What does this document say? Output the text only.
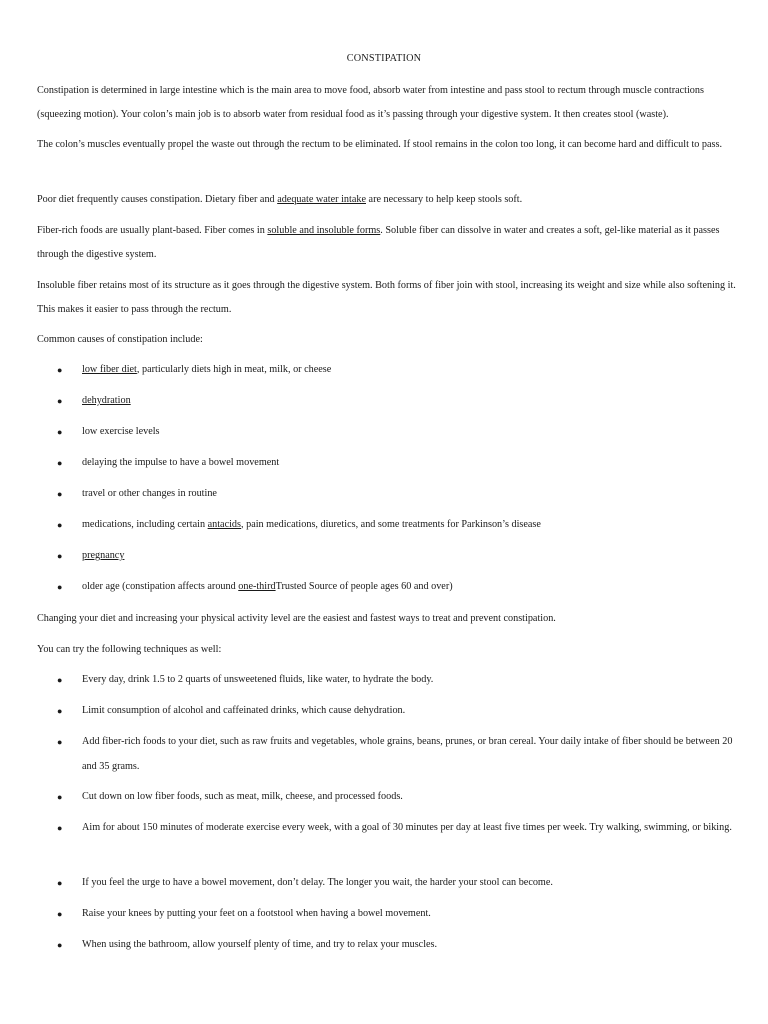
CONSTIPATION

Constipation is determined in large intestine which is the main area to move food, absorb water from intestine and pass stool to rectum through muscle contractions (squeezing motion). Your colon’s main job is to absorb water from residual food as it’s passing through your digestive system. It then creates stool (waste).

The colon’s muscles eventually propel the waste out through the rectum to be eliminated. If stool remains in the colon too long, it can become hard and difficult to pass.

Poor diet frequently causes constipation. Dietary fiber and adequate water intake are necessary to help keep stools soft.

Fiber-rich foods are usually plant-based. Fiber comes in soluble and insoluble forms. Soluble fiber can dissolve in water and creates a soft, gel-like material as it passes through the digestive system.

Insoluble fiber retains most of its structure as it goes through the digestive system. Both forms of fiber join with stool, increasing its weight and size while also softening it. This makes it easier to pass through the rectum.

Common causes of constipation include:

● low fiber diet, particularly diets high in meat, milk, or cheese
● dehydration
● low exercise levels
● delaying the impulse to have a bowel movement
● travel or other changes in routine
● medications, including certain antacids, pain medications, diuretics, and some treatments for Parkinson’s disease
● pregnancy
● older age (constipation affects around one-thirdTrusted Source of people ages 60 and over)

Changing your diet and increasing your physical activity level are the easiest and fastest ways to treat and prevent constipation.

You can try the following techniques as well:

● Every day, drink 1.5 to 2 quarts of unsweetened fluids, like water, to hydrate the body.
● Limit consumption of alcohol and caffeinated drinks, which cause dehydration.
● Add fiber-rich foods to your diet, such as raw fruits and vegetables, whole grains, beans, prunes, or bran cereal. Your daily intake of fiber should be between 20 and 35 grams.
● Cut down on low fiber foods, such as meat, milk, cheese, and processed foods.
● Aim for about 150 minutes of moderate exercise every week, with a goal of 30 minutes per day at least five times per week. Try walking, swimming, or biking.
● If you feel the urge to have a bowel movement, don’t delay. The longer you wait, the harder your stool can become.
● Raise your knees by putting your feet on a footstool when having a bowel movement.
● When using the bathroom, allow yourself plenty of time, and try to relax your muscles.
